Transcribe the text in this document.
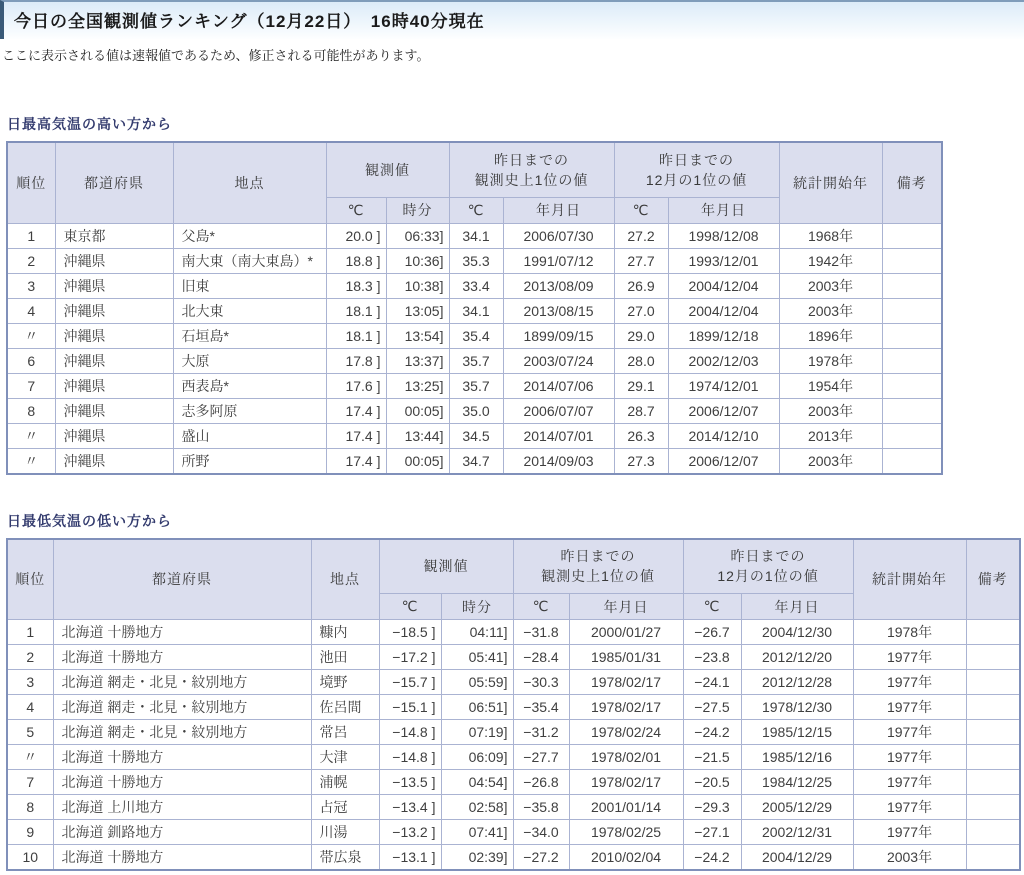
今日の全国観測値ランキング（12月22日）　16時40分現在

ここに表示される値は速報値であるため、修正される可能性があります。

日最高気温の高い方から
順位	都道府県	地点	観測値		昨日までの
観測史上1位の値		昨日までの
12月の1位の値		統計開始年	備考
			℃	時分	℃	年月日	℃	年月日		
1	東京都	父島*	20.0 ]	06:33]	34.1	2006/07/30	27.2	1998/12/08	1968年	
2	沖縄県	南大東（南大東島）*	18.8 ]	10:36]	35.3	1991/07/12	27.7	1993/12/01	1942年	
3	沖縄県	旧東	18.3 ]	10:38]	33.4	2013/08/09	26.9	2004/12/04	2003年	
4	沖縄県	北大東	18.1 ]	13:05]	34.1	2013/08/15	27.0	2004/12/04	2003年	
〃	沖縄県	石垣島*	18.1 ]	13:54]	35.4	1899/09/15	29.0	1899/12/18	1896年	
6	沖縄県	大原	17.8 ]	13:37]	35.7	2003/07/24	28.0	2002/12/03	1978年	
7	沖縄県	西表島*	17.6 ]	13:25]	35.7	2014/07/06	29.1	1974/12/01	1954年	
8	沖縄県	志多阿原	17.4 ]	00:05]	35.0	2006/07/07	28.7	2006/12/07	2003年	
〃	沖縄県	盛山	17.4 ]	13:44]	34.5	2014/07/01	26.3	2014/12/10	2013年	
〃	沖縄県	所野	17.4 ]	00:05]	34.7	2014/09/03	27.3	2006/12/07	2003年	
日最低気温の低い方から
順位	都道府県	地点	観測値		昨日までの
観測史上1位の値		昨日までの
12月の1位の値		統計開始年	備考
			℃	時分	℃	年月日	℃	年月日		
1	北海道 十勝地方	糠内	−18.5 ]	04:11]	−31.8	2000/01/27	−26.7	2004/12/30	1978年	
2	北海道 十勝地方	池田	−17.2 ]	05:41]	−28.4	1985/01/31	−23.8	2012/12/20	1977年	
3	北海道 網走・北見・紋別地方	境野	−15.7 ]	05:59]	−30.3	1978/02/17	−24.1	2012/12/28	1977年	
4	北海道 網走・北見・紋別地方	佐呂間	−15.1 ]	06:51]	−35.4	1978/02/17	−27.5	1978/12/30	1977年	
5	北海道 網走・北見・紋別地方	常呂	−14.8 ]	07:19]	−31.2	1978/02/24	−24.2	1985/12/15	1977年	
〃	北海道 十勝地方	大津	−14.8 ]	06:09]	−27.7	1978/02/01	−21.5	1985/12/16	1977年	
7	北海道 十勝地方	浦幌	−13.5 ]	04:54]	−26.8	1978/02/17	−20.5	1984/12/25	1977年	
8	北海道 上川地方	占冠	−13.4 ]	02:58]	−35.8	2001/01/14	−29.3	2005/12/29	1977年	
9	北海道 釧路地方	川湯	−13.2 ]	07:41]	−34.0	1978/02/25	−27.1	2002/12/31	1977年	
10	北海道 十勝地方	帯広泉	−13.1 ]	02:39]	−27.2	2010/02/04	−24.2	2004/12/29	2003年	
